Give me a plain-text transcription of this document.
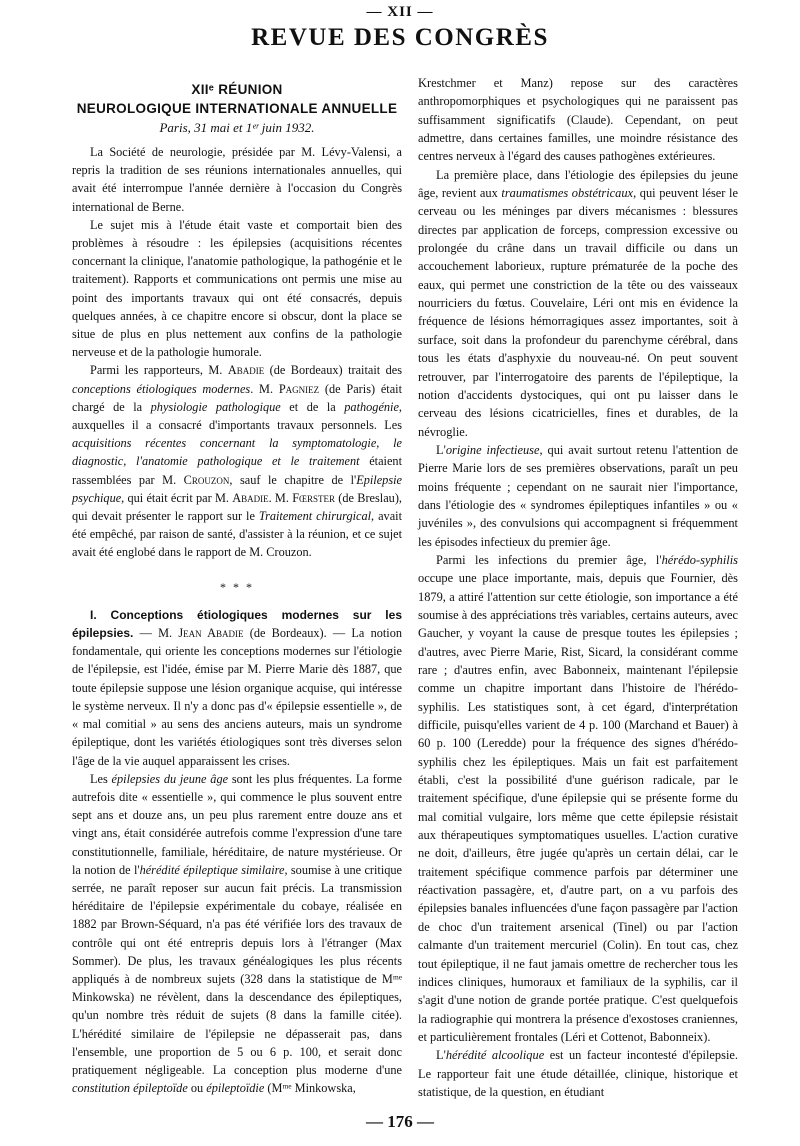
— XII —
REVUE DES CONGRÈS
XIIᵉ RÉUNION
NEUROLOGIQUE INTERNATIONALE ANNUELLE
Paris, 31 mai et 1ᵉʳ juin 1932.

La Société de neurologie, présidée par M. Lévy-Valensi, a repris la tradition de ses réunions internationales annuelles, qui avait été interrompue l'année dernière à l'occasion du Congrès international de Berne.

Le sujet mis à l'étude était vaste et comportait bien des problèmes à résoudre : les épilepsies (acquisitions récentes concernant la clinique, l'anatomie pathologique, la pathogénie et le traitement). Rapports et communications ont permis une mise au point des importants travaux qui ont été consacrés, depuis quelques années, à ce chapitre encore si obscur, dont la place se situe de plus en plus nettement aux confins de la pathologie nerveuse et de la pathologie humorale.

Parmi les rapporteurs, M. Abadie (de Bordeaux) traitait des conceptions étiologiques modernes. M. Pagniez (de Paris) était chargé de la physiologie pathologique et de la pathogénie, auxquelles il a consacré d'importants travaux personnels. Les acquisitions récentes concernant la symptomatologie, le diagnostic, l'anatomie pathologique et le traitement étaient rassemblées par M. Crouzon, sauf le chapitre de l'Epilepsie psychique, qui était écrit par M. Abadie. M. Fœrster (de Breslau), qui devait présenter le rapport sur le Traitement chirurgical, avait été empêché, par raison de santé, d'assister à la réunion, et ce sujet avait été englobé dans le rapport de M. Crouzon.

* * *

I. Conceptions étiologiques modernes sur les épilepsies. — M. Jean Abadie (de Bordeaux). — La notion fondamentale, qui oriente les conceptions modernes sur l'étiologie de l'épilepsie, est l'idée, émise par M. Pierre Marie dès 1887, que toute épilepsie suppose une lésion organique acquise, qui intéresse le système nerveux. Il n'y a donc pas d'« épilepsie essentielle », de « mal comitial » au sens des anciens auteurs, mais un syndrome épileptique, dont les variétés étiologiques sont très diverses selon l'âge de la vie auquel apparaissent les crises.

Les épilepsies du jeune âge sont les plus fréquentes. La forme autrefois dite « essentielle », qui commence le plus souvent entre sept ans et douze ans, un peu plus rarement entre douze ans et vingt ans, était considérée autrefois comme l'expression d'une tare constitutionnelle, familiale, héréditaire, de nature mystérieuse. Or la notion de l'hérédité épileptique similaire, soumise à une critique serrée, ne paraît reposer sur aucun fait précis. La transmission héréditaire de l'épilepsie expérimentale du cobaye, réalisée en 1882 par Brown-Séquard, n'a pas été vérifiée lors des travaux de contrôle qui ont été entrepris depuis lors à l'étranger (Max Sommer). De plus, les travaux généalogiques les plus récents appliqués à de nombreux sujets (328 dans la statistique de Mᵐᵉ Minkowska) ne révèlent, dans la descendance des épileptiques, qu'un nombre très réduit de sujets (8 dans la famille citée). L'hérédité similaire de l'épilepsie ne dépasserait pas, dans l'ensemble, une proportion de 5 ou 6 p. 100, et serait donc pratiquement négligeable. La conception plus moderne d'une constitution épileptoïde ou épileptoïdie (Mᵐᵉ Minkowska,

Krestchmer et Manz) repose sur des caractères anthropomorphiques et psychologiques qui ne paraissent pas suffisamment significatifs (Claude). Cependant, on peut admettre, dans certaines familles, une moindre résistance des centres nerveux à l'égard des causes pathogènes extérieures.

La première place, dans l'étiologie des épilepsies du jeune âge, revient aux traumatismes obstétricaux, qui peuvent léser le cerveau ou les méninges par divers mécanismes : blessures directes par application de forceps, compression excessive ou prolongée du crâne dans un travail difficile ou dans un accouchement laborieux, rupture prématurée de la poche des eaux, qui permet une constriction de la tête ou des vaisseaux nourriciers du fœtus. Couvelaire, Léri ont mis en évidence la fréquence de lésions hémorragiques assez importantes, soit à surface, soit dans la profondeur du parenchyme cérébral, dans tous les états d'asphyxie du nouveau-né. On peut souvent retrouver, par l'interrogatoire des parents de l'épileptique, la notion d'accidents dystociques, qui ont pu laisser dans le cerveau des lésions cicatricielles, fines et durables, de la névroglie.

L'origine infectieuse, qui avait surtout retenu l'attention de Pierre Marie lors de ses premières observations, paraît un peu moins fréquente ; cependant on ne saurait nier l'importance, dans l'étiologie des « syndromes épileptiques infantiles » ou « juvéniles », des convulsions qui accompagnent si fréquemment les épisodes infectieux du premier âge.

Parmi les infections du premier âge, l'hérédo-syphilis occupe une place importante, mais, depuis que Fournier, dès 1879, a attiré l'attention sur cette étiologie, son importance a été soumise à des appréciations très variables, certains auteurs, avec Gaucher, y voyant la cause de presque toutes les épilepsies ; d'autres, avec Pierre Marie, Rist, Sicard, la considérant comme rare ; d'autres enfin, avec Babonneix, maintenant l'épilepsie comme un chapitre important dans l'histoire de l'hérédo-syphilis. Les statistiques sont, à cet égard, d'interprétation difficile, puisqu'elles varient de 4 p. 100 (Marchand et Bauer) à 60 p. 100 (Leredde) pour la fréquence des signes d'hérédo-syphilis chez les épileptiques. Mais un fait est parfaitement établi, c'est la possibilité d'une guérison radicale, par le traitement spécifique, d'une épilepsie qui se présente forme du mal comitial vulgaire, lors même que cette épilepsie résistait aux thérapeutiques symptomatiques usuelles. L'action curative ne doit, d'ailleurs, être jugée qu'après un certain délai, car le traitement spécifique commence parfois par déterminer une réactivation passagère, et, d'autre part, on a vu parfois des épilepsies banales influencées d'une façon passagère par l'action de choc d'un traitement arsenical (Tinel) ou par l'action calmante d'un traitement mercuriel (Colin). En tout cas, chez tout épileptique, il ne faut jamais omettre de rechercher tous les indices cliniques, humoraux et familiaux de la syphilis, car il s'agit d'une notion de grande portée pratique. C'est quelquefois la radiographie qui montrera la présence d'exostoses craniennes, et particulièrement frontales (Léri et Cottenot, Babonneix).

L'hérédité alcoolique est un facteur incontesté d'épilepsie. Le rapporteur fait une étude détaillée, clinique, historique et statistique, de la question, en étudiant

— 176 —
